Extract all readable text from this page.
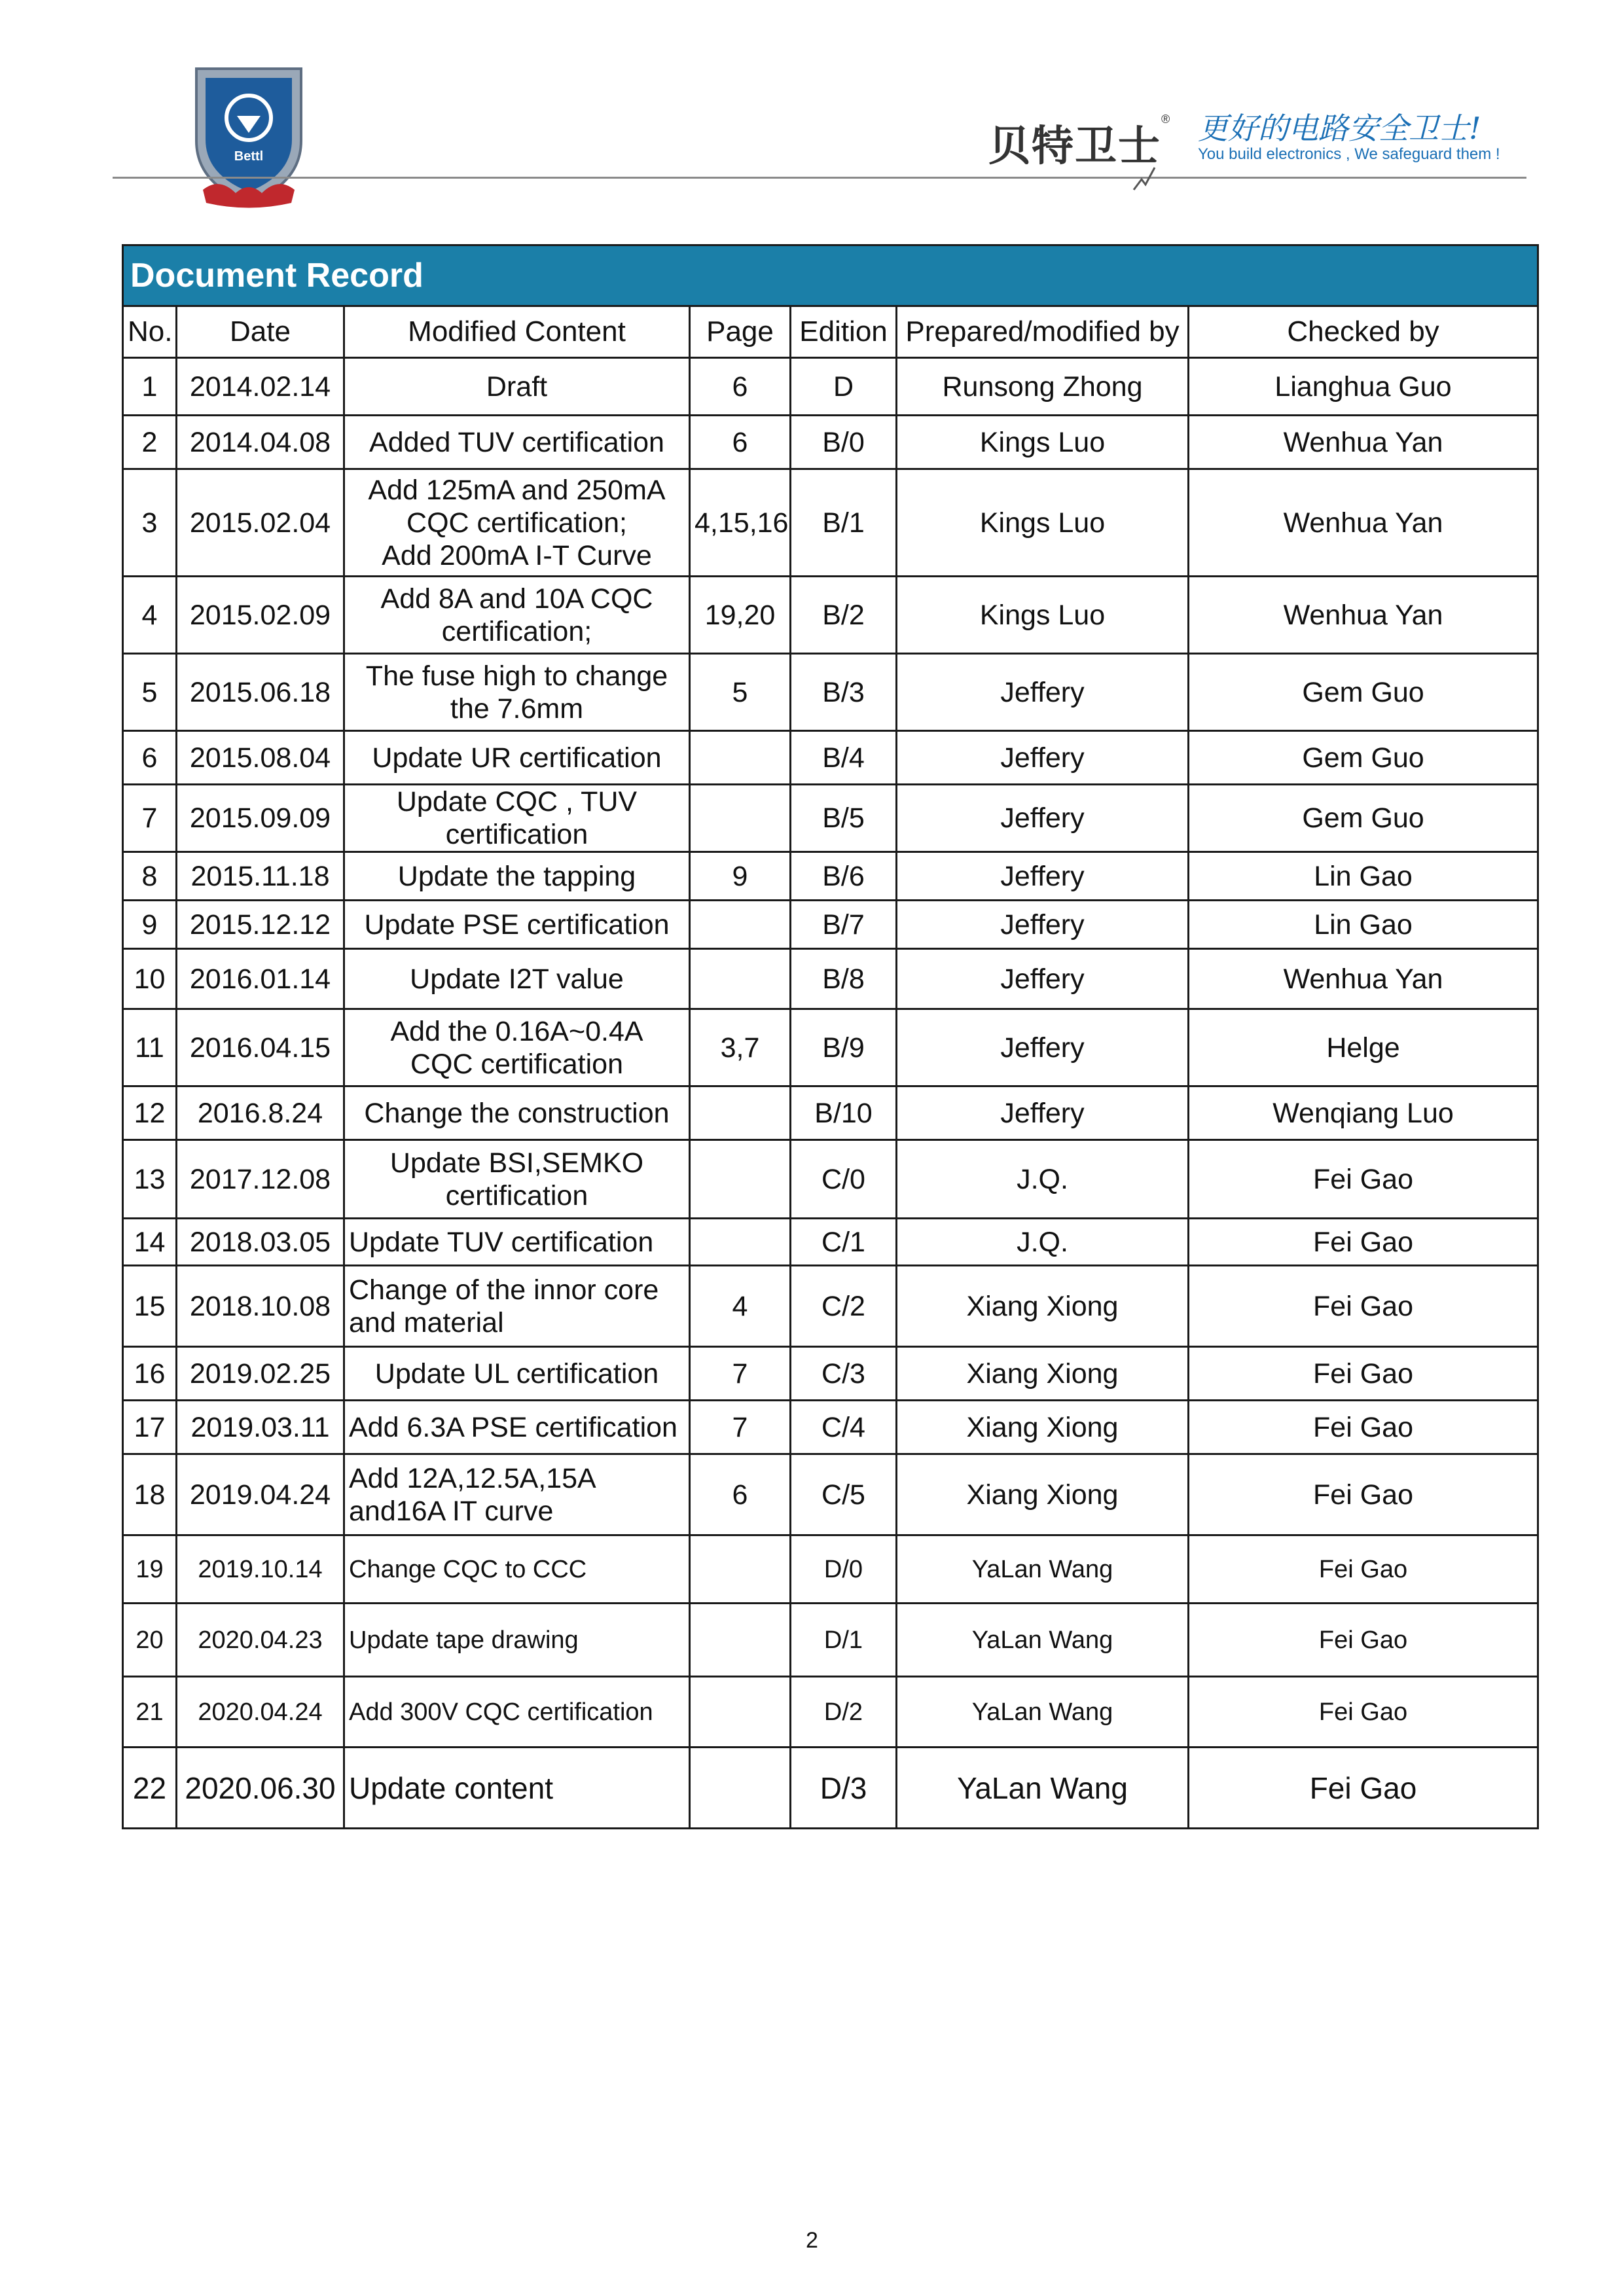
Bettl	贝特卫士® 更好的电路安全卫士!
You build electronics , We safeguard them !
Document Record						
No.	Date	Modified Content	Page	Edition	Prepared/modified by	Checked by
1	2014.02.14	Draft	6	D	Runsong Zhong	Lianghua Guo
2	2014.04.08	Added TUV certification	6	B/0	Kings Luo	Wenhua Yan
3	2015.02.04	Add 125mA and 250mA
CQC certification;
Add 200mA I-T Curve	4,15,16	B/1	Kings Luo	Wenhua Yan
4	2015.02.09	Add 8A and 10A CQC
certification;	19,20	B/2	Kings Luo	Wenhua Yan
5	2015.06.18	The fuse high to change
the 7.6mm	5	B/3	Jeffery	Gem Guo
6	2015.08.04	Update UR certification		B/4	Jeffery	Gem Guo
7	2015.09.09	Update CQC , TUV
certification		B/5	Jeffery	Gem Guo
8	2015.11.18	Update the tapping	9	B/6	Jeffery	Lin Gao
9	2015.12.12	Update PSE certification		B/7	Jeffery	Lin Gao
10	2016.01.14	Update I2T value		B/8	Jeffery	Wenhua Yan
11	2016.04.15	Add the 0.16A~0.4A
CQC certification	3,7	B/9	Jeffery	Helge
12	2016.8.24	Change the construction		B/10	Jeffery	Wenqiang Luo
13	2017.12.08	Update BSI,SEMKO
certification		C/0	J.Q.	Fei Gao
14	2018.03.05	Update TUV certification		C/1	J.Q.	Fei Gao
15	2018.10.08	Change of the innor core
and material	4	C/2	Xiang Xiong	Fei Gao
16	2019.02.25	Update UL certification	7	C/3	Xiang Xiong	Fei Gao
17	2019.03.11	Add 6.3A PSE certification	7	C/4	Xiang Xiong	Fei Gao
18	2019.04.24	Add 12A,12.5A,15A
and16A IT curve	6	C/5	Xiang Xiong	Fei Gao
19	2019.10.14	Change CQC to CCC		D/0	YaLan Wang	Fei Gao
20	2020.04.23	Update tape drawing		D/1	YaLan Wang	Fei Gao
21	2020.04.24	Add 300V CQC certification		D/2	YaLan Wang	Fei Gao
22	2020.06.30	Update content		D/3	YaLan Wang	Fei Gao
2
